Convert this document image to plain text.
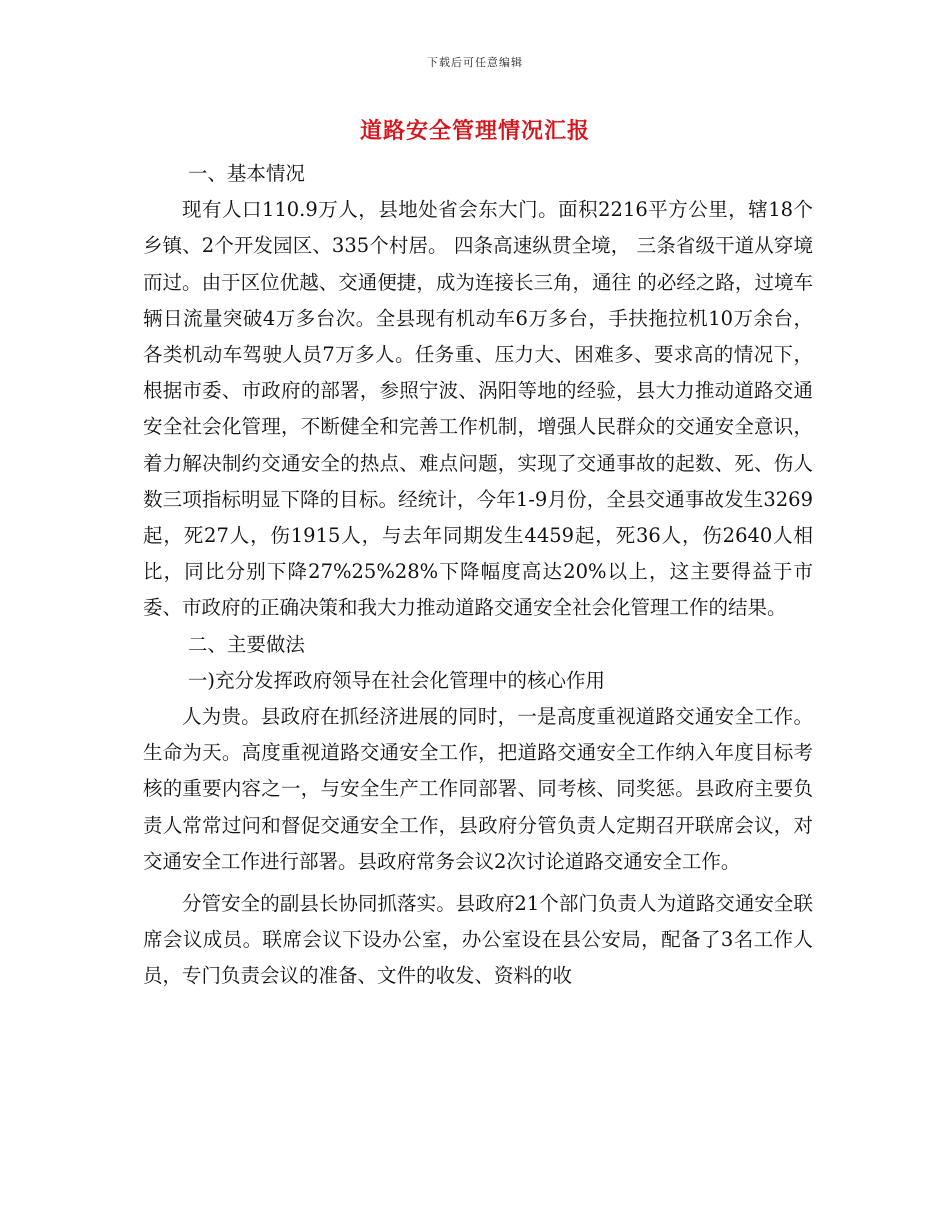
下载后可任意编辑
道路安全管理情况汇报

一、基本情况

现有人口110.9万人，县地处省会东大门。面积2216平方公里，辖18个乡镇、2个开发园区、335个村居。 四条高速纵贯全境， 三条省级干道从穿境而过。由于区位优越、交通便捷，成为连接长三角，通往 的必经之路，过境车辆日流量突破4万多台次。全县现有机动车6万多台，手扶拖拉机10万余台，各类机动车驾驶人员7万多人。任务重、压力大、困难多、要求高的情况下，根据市委、市政府的部署，参照宁波、涡阳等地的经验，县大力推动道路交通安全社会化管理，不断健全和完善工作机制，增强人民群众的交通安全意识，着力解决制约交通安全的热点、难点问题，实现了交通事故的起数、死、伤人数三项指标明显下降的目标。经统计，今年1-9月份，全县交通事故发生3269起，死27人，伤1915人，与去年同期发生4459起，死36人，伤2640人相比，同比分别下降27%25%28%下降幅度高达20%以上，这主要得益于市委、市政府的正确决策和我大力推动道路交通安全社会化管理工作的结果。

二、主要做法

一)充分发挥政府领导在社会化管理中的核心作用

人为贵。县政府在抓经济进展的同时，一是高度重视道路交通安全工作。生命为天。高度重视道路交通安全工作，把道路交通安全工作纳入年度目标考核的重要内容之一，与安全生产工作同部署、同考核、同奖惩。县政府主要负责人常常过问和督促交通安全工作，县政府分管负责人定期召开联席会议，对交通安全工作进行部署。县政府常务会议2次讨论道路交通安全工作。

分管安全的副县长协同抓落实。县政府21个部门负责人为道路交通安全联席会议成员。联席会议下设办公室，办公室设在县公安局，配备了3名工作人员，专门负责会议的准备、文件的收发、资料的收
